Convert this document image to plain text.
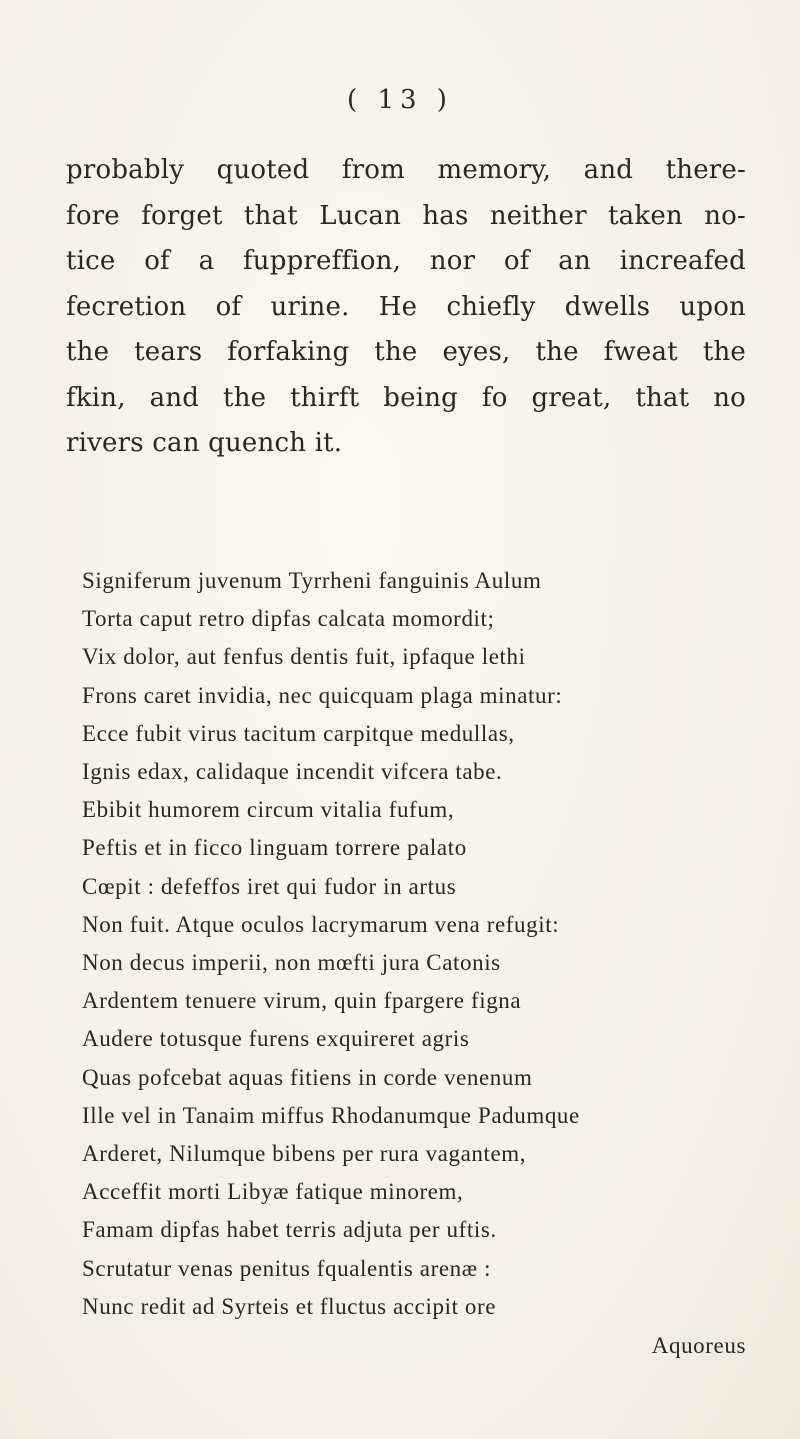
( 13 )
probably quoted from memory, and there-
fore forget that Lucan has neither taken no-
tice of a fuppreffion, nor of an increafed
fecretion of urine. He chiefly dwells upon
the tears forfaking the eyes, the fweat the
fkin, and the thirft being fo great, that no
rivers can quench it.
Signiferum juvenum Tyrrheni fanguinis Aulum
Torta caput retro dipfas calcata momordit;
Vix dolor, aut fenfus dentis fuit, ipfaque lethi
Frons caret invidia, nec quicquam plaga minatur:
Ecce fubit virus tacitum carpitque medullas,
Ignis edax, calidaque incendit vifcera tabe.
Ebibit humorem circum vitalia fufum,
Peftis et in ficco linguam torrere palato
Cœpit : defeffos iret qui fudor in artus
Non fuit. Atque oculos lacrymarum vena refugit:
Non decus imperii, non mœfti jura Catonis
Ardentem tenuere virum, quin fpargere figna
Audere totusque furens exquireret agris
Quas pofcebat aquas fitiens in corde venenum
Ille vel in Tanaim miffus Rhodanumque Padumque
Arderet, Nilumque bibens per rura vagantem,
Acceffit morti Libyæ fatique minorem,
Famam dipfas habet terris adjuta per uftis.
Scrutatur venas penitus fqualentis arenæ :
Nunc redit ad Syrteis et fluctus accipit ore
Aquoreus
